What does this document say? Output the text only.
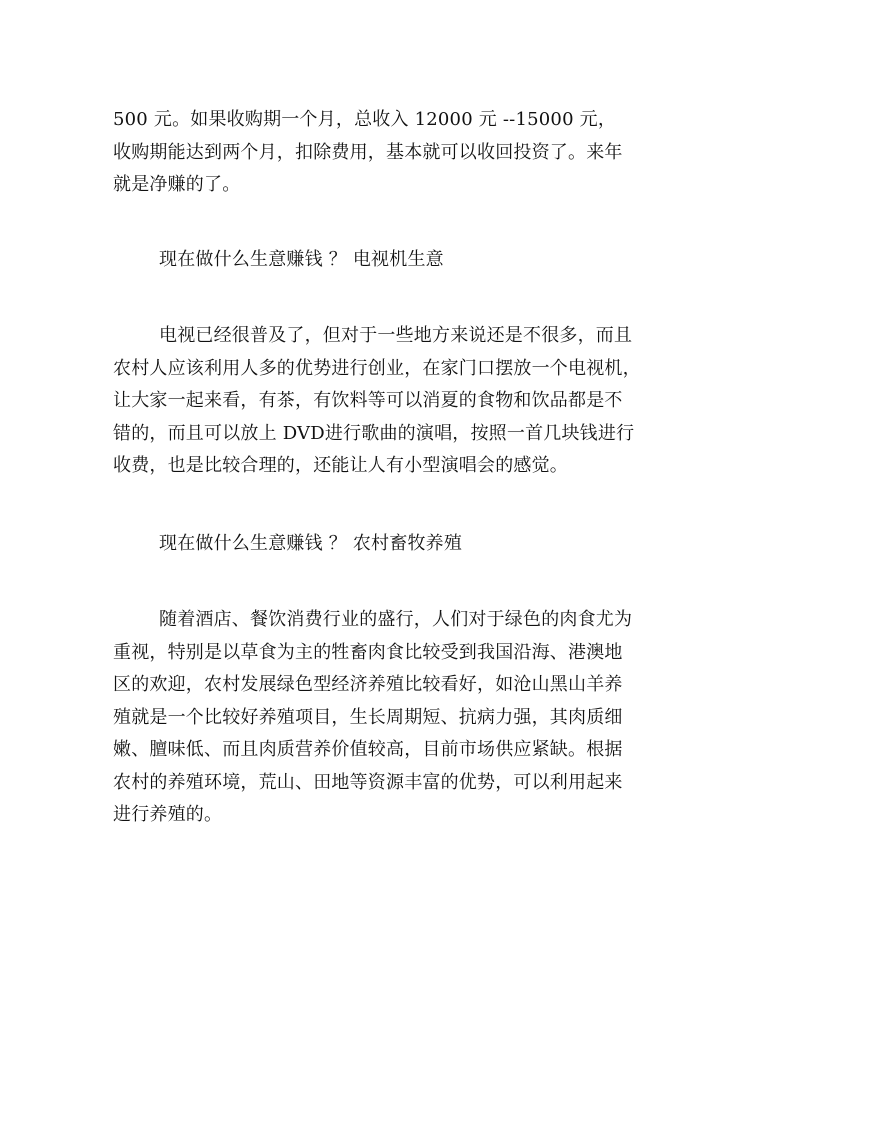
500 元。如果收购期一个月，总收入 12000 元 --15000 元，
收购期能达到两个月，扣除费用，基本就可以收回投资了。来年
就是净赚的了。
现在做什么生意赚钱 ？ 电视机生意
电视已经很普及了，但对于一些地方来说还是不很多，而且
农村人应该利用人多的优势进行创业，在家门口摆放一个电视机，
让大家一起来看，有茶，有饮料等可以消夏的食物和饮品都是不
错的，而且可以放上 DVD进行歌曲的演唱，按照一首几块钱进行
收费，也是比较合理的，还能让人有小型演唱会的感觉。
现在做什么生意赚钱 ？ 农村畜牧养殖
随着酒店、餐饮消费行业的盛行，人们对于绿色的肉食尤为
重视，特别是以草食为主的牲畜肉食比较受到我国沿海、港澳地
区的欢迎，农村发展绿色型经济养殖比较看好，如沧山黑山羊养
殖就是一个比较好养殖项目，生长周期短、抗病力强，其肉质细
嫩、膻味低、而且肉质营养价值较高，目前市场供应紧缺。根据
农村的养殖环境，荒山、田地等资源丰富的优势，可以利用起来
进行养殖的。
